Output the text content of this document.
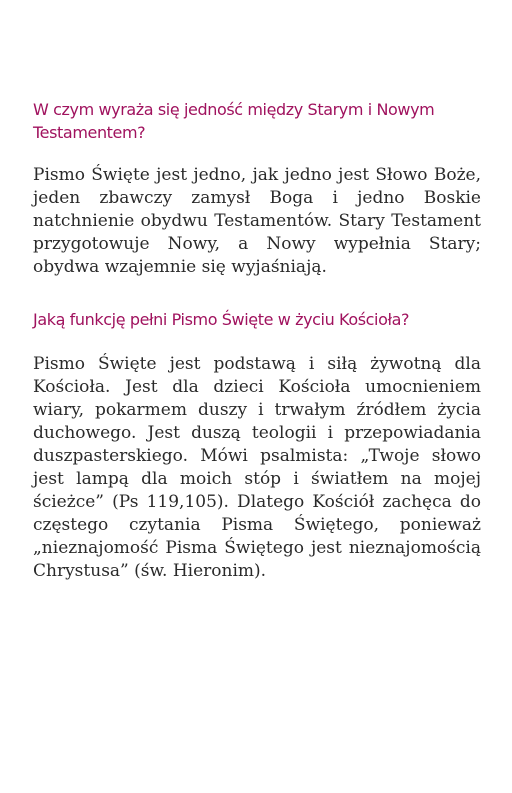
W czym wyraża się jedność między Starym i Nowym Testamentem?

Pismo Święte jest jedno, jak jedno jest Słowo Boże, jeden zbawczy zamysł Boga i jedno Boskie natchnienie obydwu Testamentów. Stary Testament przygotowuje Nowy, a Nowy wypełnia Stary; obydwa wzajemnie się wyjaśniają.

Jaką funkcję pełni Pismo Święte w życiu Kościoła?

Pismo Święte jest podstawą i siłą żywotną dla Kościoła. Jest dla dzieci Kościoła umocnieniem wiary, pokarmem duszy i trwałym źródłem życia duchowego. Jest duszą teologii i przepowiadania duszpasterskiego. Mówi psalmista: „Twoje słowo jest lampą dla moich stóp i światłem na mojej ścieżce” (Ps 119,105). Dlatego Kościół zachęca do częstego czytania Pisma Świętego, ponieważ „nieznajomość Pisma Świętego jest nieznajomością Chrystusa” (św. Hieronim).
